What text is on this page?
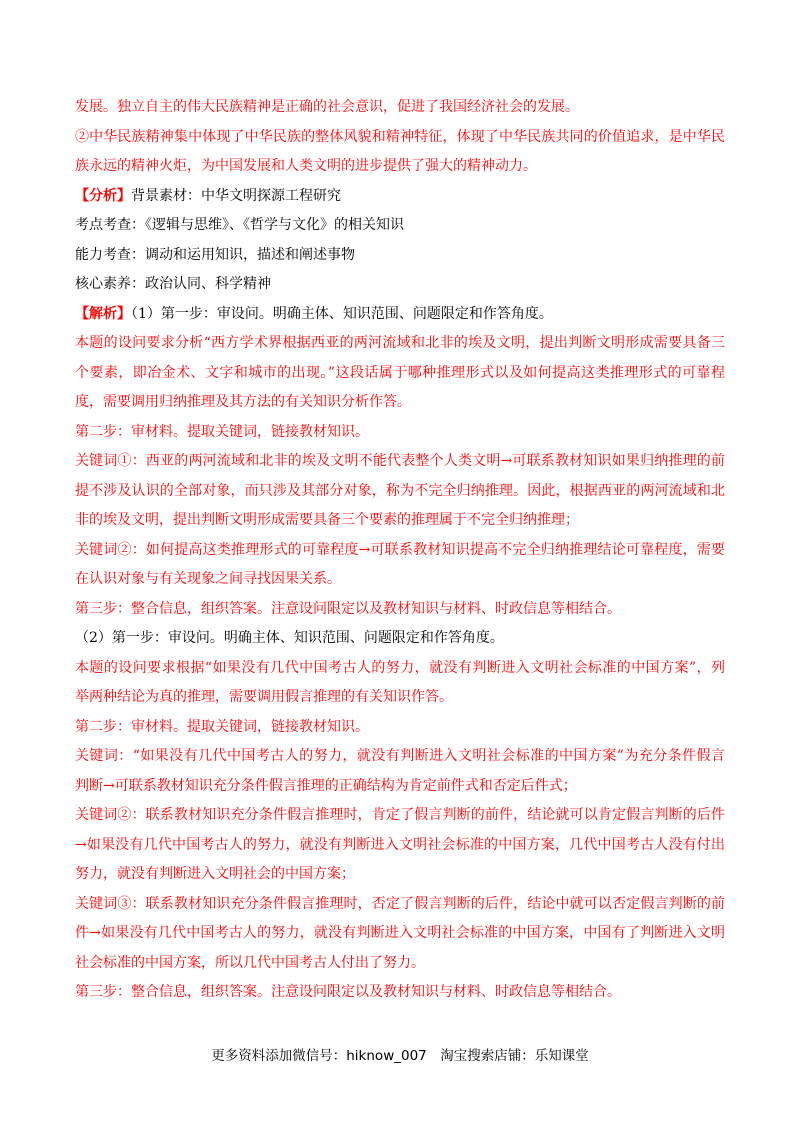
发展。独立自主的伟大民族精神是正确的社会意识，促进了我国经济社会的发展。
②中华民族精神集中体现了中华民族的整体风貌和精神特征，体现了中华民族共同的价值追求，是中华民
族永远的精神火炬，为中国发展和人类文明的进步提供了强大的精神动力。
【分析】背景素材：中华文明探源工程研究
考点考查：《逻辑与思维》、《哲学与文化》的相关知识
能力考查：调动和运用知识，描述和阐述事物
核心素养：政治认同、科学精神
【解析】（1）第一步：审设问。明确主体、知识范围、问题限定和作答角度。
本题的设问要求分析“西方学术界根据西亚的两河流域和北非的埃及文明，提出判断文明形成需要具备三
个要素，即冶金术、文字和城市的出现。”这段话属于哪种推理形式以及如何提高这类推理形式的可靠程
度，需要调用归纳推理及其方法的有关知识分析作答。
第二步：审材料。提取关键词，链接教材知识。
关键词①：西亚的两河流域和北非的埃及文明不能代表整个人类文明→可联系教材知识如果归纳推理的前
提不涉及认识的全部对象，而只涉及其部分对象，称为不完全归纳推理。因此，根据西亚的两河流域和北
非的埃及文明，提出判断文明形成需要具备三个要素的推理属于不完全归纳推理；
关键词②：如何提高这类推理形式的可靠程度→可联系教材知识提高不完全归纳推理结论可靠程度，需要
在认识对象与有关现象之间寻找因果关系。
第三步：整合信息，组织答案。注意设问限定以及教材知识与材料、时政信息等相结合。
（2）第一步：审设问。明确主体、知识范围、问题限定和作答角度。
本题的设问要求根据“如果没有几代中国考古人的努力，就没有判断进入文明社会标准的中国方案”，列
举两种结论为真的推理，需要调用假言推理的有关知识作答。
第二步：审材料。提取关键词，链接教材知识。
关键词：“如果没有几代中国考古人的努力，就没有判断进入文明社会标准的中国方案”为充分条件假言
判断→可联系教材知识充分条件假言推理的正确结构为肯定前件式和否定后件式；
关键词②：联系教材知识充分条件假言推理时，肯定了假言判断的前件，结论就可以肯定假言判断的后件
→如果没有几代中国考古人的努力，就没有判断进入文明社会标准的中国方案，几代中国考古人没有付出
努力，就没有判断进入文明社会的中国方案；
关键词③：联系教材知识充分条件假言推理时，否定了假言判断的后件，结论中就可以否定假言判断的前
件→如果没有几代中国考古人的努力，就没有判断进入文明社会标准的中国方案，中国有了判断进入文明
社会标准的中国方案，所以几代中国考古人付出了努力。
第三步：整合信息，组织答案。注意设问限定以及教材知识与材料、时政信息等相结合。
更多资料添加微信号：hiknow_007　淘宝搜索店铺：乐知课堂
